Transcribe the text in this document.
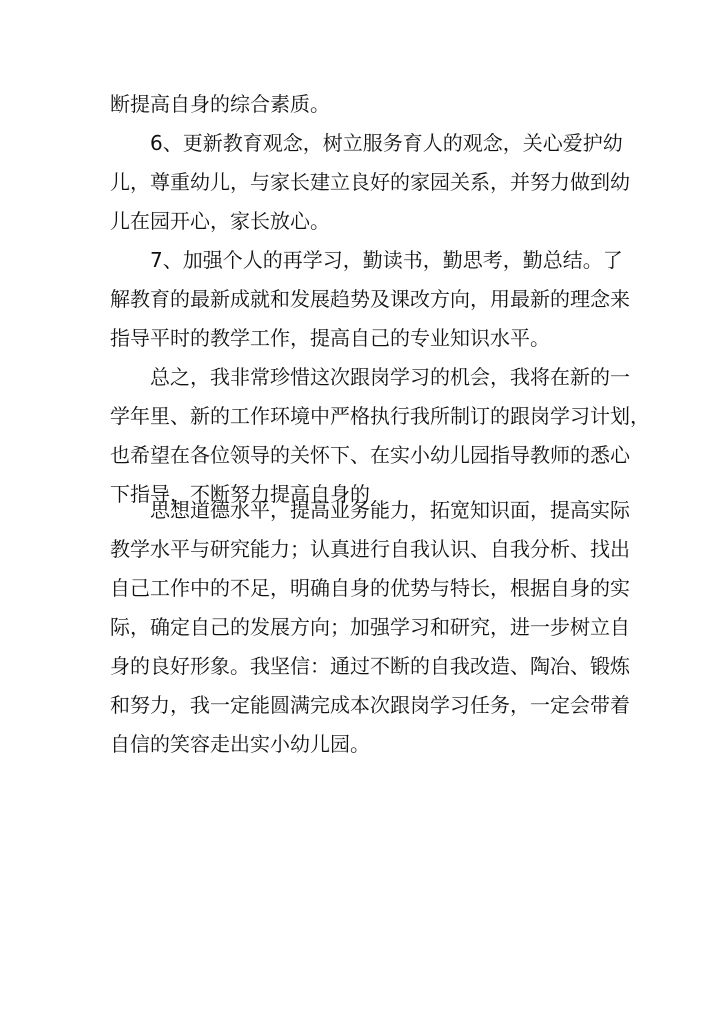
断提高自身的综合素质。
6、更新教育观念，树立服务育人的观念，关心爱护幼
儿，尊重幼儿，与家长建立良好的家园关系，并努力做到幼
儿在园开心，家长放心。
7、加强个人的再学习，勤读书，勤思考，勤总结。了
解教育的最新成就和发展趋势及课改方向，用最新的理念来
指导平时的教学工作，提高自己的专业知识水平。
总之，我非常珍惜这次跟岗学习的机会，我将在新的一
学年里、新的工作环境中严格执行我所制订的跟岗学习计划，
也希望在各位领导的关怀下、在实小幼儿园指导教师的悉心
下指导，不断努力提高自身的
思想道德水平，提高业务能力，拓宽知识面，提高实际
教学水平与研究能力；认真进行自我认识、自我分析、找出
自己工作中的不足，明确自身的优势与特长，根据自身的实
际，确定自己的发展方向；加强学习和研究，进一步树立自
身的良好形象。我坚信：通过不断的自我改造、陶冶、锻炼
和努力，我一定能圆满完成本次跟岗学习任务，一定会带着
自信的笑容走出实小幼儿园。
